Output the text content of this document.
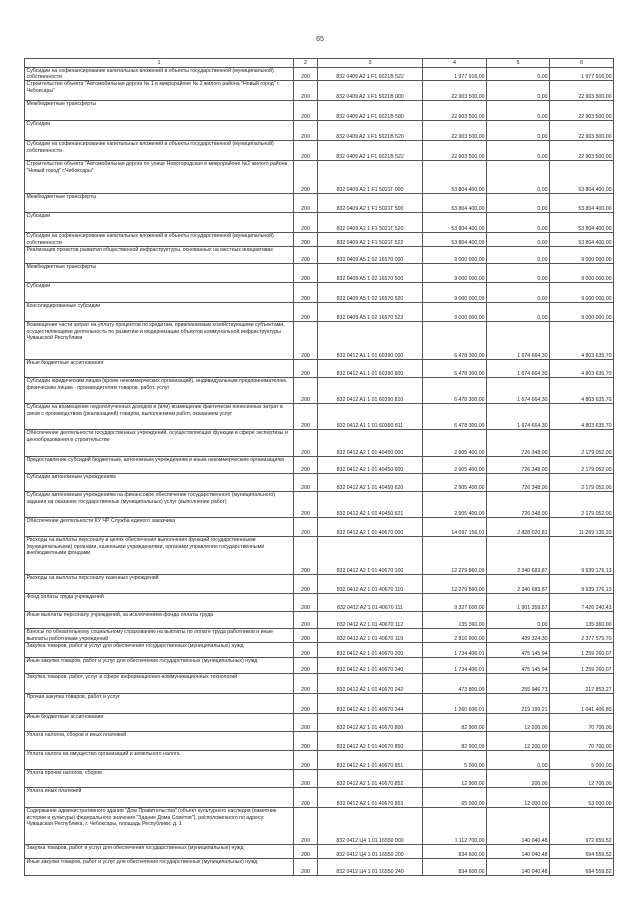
65
1	2	3	4	5	6
Субсидии на софинансирование капитальных вложений в объекты государственной (муниципальной) собственности	200	832 0409 A2 1 F1 5021B 522	1 977 916,00	0,00	1 977 916,00
Строительство объекта "Автомобильная дорога № 1 в микрорайоне № 2 жилого района "Новый город" г. Чебоксары"	200	832 0409 A2 1 F1 5021B 000	22 903 500,00	0,00	22 903 500,00
Межбюджетные трансферты	200	832 0409 A2 1 F1 5021B 500	22 903 500,00	0,00	22 903 500,00
Субсидии	200	832 0409 A2 1 F1 5021B 520	22 903 500,00	0,00	22 903 500,00
Субсидии на софинансирование капитальных вложений в объекты государственной (муниципальной) собственности	200	832 0409 A2 1 F1 5021B 522	22 903 500,00	0,00	22 903 500,00
Строительство объекта "Автомобильная дорога по улице Новогородская в микрорайоне №2 жилого района "Новый город" г.Чебоксары"	200	832 0409 A2 1 F1 5021Г 000	53 804 400,00	0,00	53 804 400,00
Межбюджетные трансферты	200	832 0409 A2 1 F1 5021Г 500	53 804 400,00	0,00	53 804 400,00
Субсидии	200	832 0409 A2 1 F1 5021Г 520	53 804 400,00	0,00	53 804 400,00
Субсидии на софинансирование капитальных вложений в объекты государственной (муниципальной) собственности	200	832 0409 A2 1 F1 5021Г 522	53 804 400,00	0,00	53 804 400,00
Реализация проектов развития общественной инфраструктуры, основанных на местных инициативах	200	832 0409 A5 1 02 16570 000	9 000 000,00	0,00	9 000 000,00
Межбюджетные трансферты	200	832 0409 A5 1 02 16570 500	9 000 000,00	0,00	9 000 000,00
Субсидии	200	832 0409 A5 1 02 16570 520	9 000 000,00	0,00	9 000 000,00
Консолидированные субсидии	200	832 0409 A5 1 02 16570 523	9 000 000,00	0,00	9 000 000,00
Возмещение части затрат на уплату процентов по кредитам, привлекаемым хозяйствующими субъектами, осуществляющими деятельность по развитию и модернизации объектов коммунальной инфраструктуры Чувашской Республики	200	832 0412 A1 1 01 60390 000	6 478 300,00	1 674 664,30	4 803 635,70
Иные бюджетные ассигнования	200	832 0412 A1 1 01 60390 800	6 478 300,00	1 674 664,30	4 803 635,70
Субсидии юридическим лицам (кроме некоммерческих организаций), индивидуальным предпринимателям, физическим лицам - производителям товаров, работ, услуг	200	832 0412 A1 1 01 60390 810	6 478 300,00	1 674 664,30	4 803 635,70
Субсидии на возмещение недополученных доходов и (или) возмещение фактически понесенных затрат в связи с производством (реализацией) товаров, выполнением работ, оказанием услуг	200	832 0412 A1 1 01 60390 811	6 478 300,00	1 674 664,30	4 803 635,70
Обеспечение деятельности государственных учреждений, осуществляющих функции в сфере экспертизы и ценообразования в строительстве	200	832 0412 A2 1 01 40450 000	2 905 400,00	726 348,00	2 179 052,00
Предоставление субсидий бюджетным, автономным учреждениям и иным некоммерческим организациям	200	832 0412 A2 1 01 40450 600	2 905 400,00	726 348,00	2 179 052,00
Субсидии автономным учреждениям	200	832 0412 A2 1 01 40450 620	2 905 400,00	726 348,00	2 179 052,00
Субсидии автономным учреждениям на финансовое обеспечение государственного (муниципального) задания на оказание государственных (муниципальных) услуг (выполнение работ)	200	832 0412 A2 1 01 40450 621	2 905 400,00	726 348,00	2 179 052,00
Обеспечение деятельности КУ ЧР Служба единого заказчика	200	832 0412 A2 1 01 40670 000	14 097 156,01	2 828 020,81	11 269 135,20
Расходы на выплаты персоналу в целях обеспечения выполнения функций государственными (муниципальными) органами, казенными учреждениями, органами управления государственными внебюджетными фондами	200	832 0412 A2 1 01 40670 100	12 279 860,00	2 340 683,87	9 939 176,13
Расходы на выплаты персоналу казенных учреждений	200	832 0412 A2 1 01 40670 110	12 279 860,00	2 340 683,87	9 939 176,13
Фонд оплаты труда учреждений	200	832 0412 A2 1 01 40670 111	9 327 600,00	1 901 359,57	7 426 240,43
Иные выплаты персоналу учреждений, за исключением фонда оплаты труда	200	832 0412 A2 1 01 40670 112	135 360,00	0,00	135 360,00
Взносы по обязательному социальному страхованию на выплаты по оплате труда работников и иные выплаты работникам учреждений	200	832 0412 A2 1 01 40670 119	2 816 900,00	439 324,30	2 377 575,70
Закупка товаров, работ и услуг для обеспечения государственных (муниципальных) нужд	200	832 0412 A2 1 01 40670 200	1 734 406,01	475 145,94	1 259 260,07
Иные закупки товаров, работ и услуг для обеспечения государственных (муниципальных) нужд	200	832 0412 A2 1 01 40670 240	1 734 406,01	475 145,94	1 259 260,07
Закупка товаров, работ, услуг в сфере информационно-коммуникационных технологий	200	832 0412 A2 1 01 40670 242	473 800,00	255 946,73	217 853,27
Прочая закупка товаров, работ и услуг	200	832 0412 A2 1 01 40670 244	1 260 606,01	219 199,21	1 041 406,80
Иные бюджетные ассигнования	200	832 0412 A2 1 01 40670 800	82 900,00	12 200,00	70 700,00
Уплата налогов, сборов и иных платежей	200	832 0412 A2 1 01 40670 850	82 900,00	12 200,00	70 700,00
Уплата налога на имущество организаций и земельного налога	200	832 0412 A2 1 01 40670 851	5 000,00	0,00	5 000,00
Уплата прочих налогов, сборов	200	832 0412 A2 1 01 40670 852	12 900,00	200,00	12 700,00
Уплата иных платежей	200	832 0412 A2 1 01 40670 853	65 000,00	12 000,00	53 000,00
Содержание административного здания "Дом Правительства" (объект культурного наследия (памятник истории и культуры) федерального значения "Здание Дома Советов"), расположенного по адресу: Чувашская Республика, г. Чебоксары, площадь Республики, д. 1	200	832 0412 Ц4 1 01 16550 000	1 112 700,00	140 040,48	972 659,52
Закупка товаров, работ и услуг для обеспечения государственных (муниципальных) нужд	200	832 0412 Ц4 1 01 16550 200	834 600,00	140 040,48	694 559,52
Иные закупки товаров, работ и услуг для обеспечения государственных (муниципальных) нужд	200	832 0412 Ц4 1 01 16550 240	834 600,00	140 040,48	694 559,52
